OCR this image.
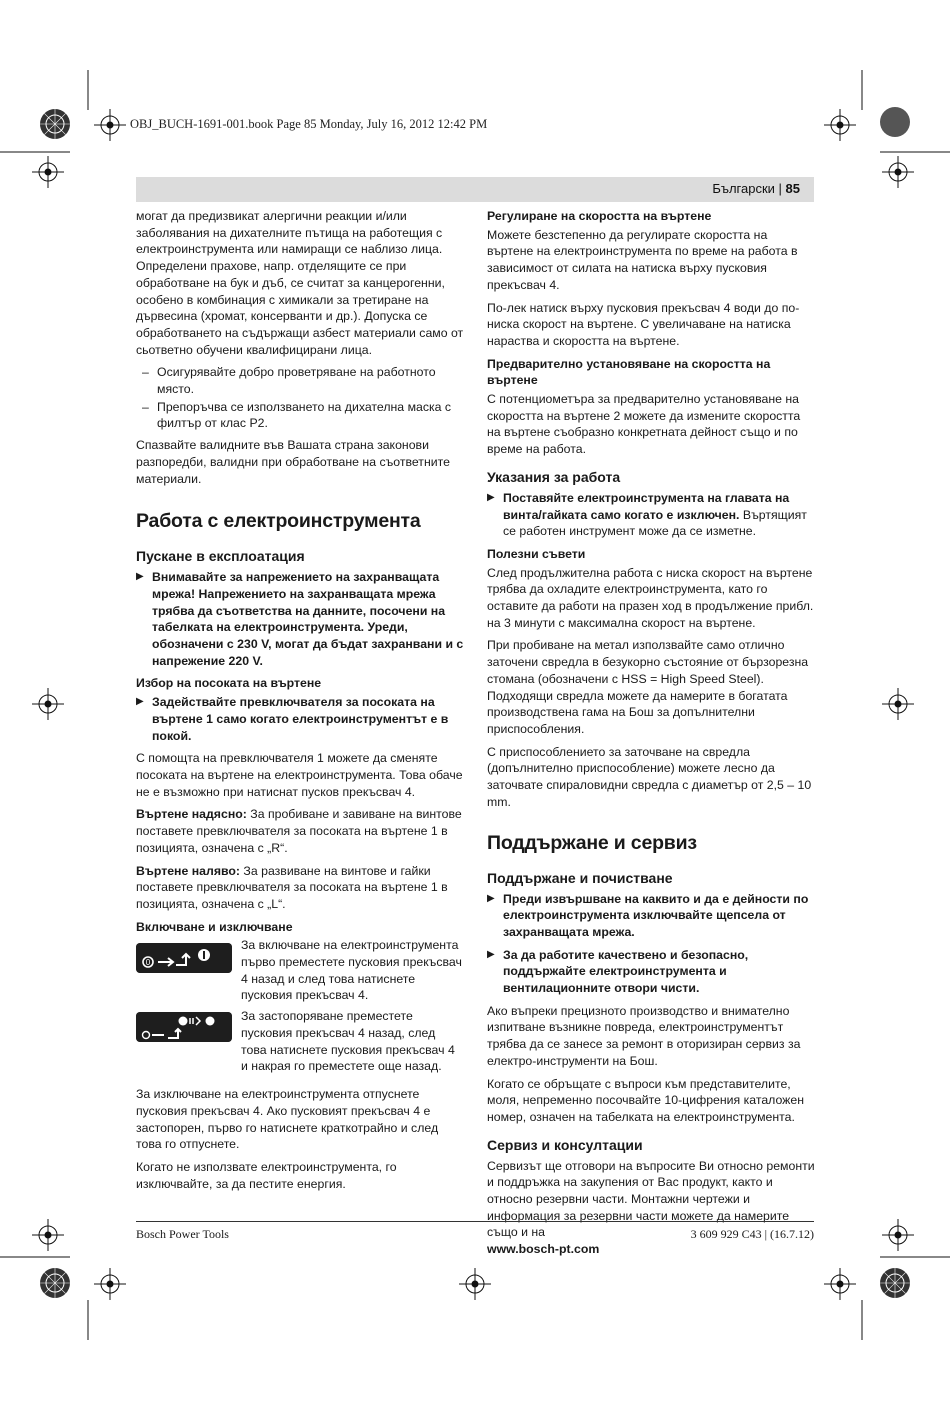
OBJ_BUCH-1691-001.book Page 85 Monday, July 16, 2012 12:42 PM
Български | 85

могат да предизвикат алергични реакции и/или заболявания на дихателните пътища на работещия с електроинструмента или намиращи се наблизо лица. Определени прахове, напр. отделящите се при обработване на бук и дъб, се считат за канцерогенни, особено в комбинация с химикали за третиране на дървесина (хромат, консерванти и др.). Допуска се обработването на съдържащи азбест материали само от сьответно обучени квалифицирани лица.

– Осигурявайте добро проветряване на работното място.
– Препоръчва се използването на дихателна маска с филтър от клас P2.

Спазвайте валидните във Вашата страна законови разпоредби, валидни при обработване на съответните материали.

Работа с електроинструмента
Пускане в експлоатация
▶ Внимавайте за напрежението на захранващата мрежа! Напрежението на захранващата мрежа трябва да съответства на данните, посочени на табелката на електроинструмента. Уреди, обозначени с 230 V, могат да бъдат захранвани и с напрежение 220 V.
Избор на посоката на въртене
▶ Задействайте превключвателя за посоката на въртене 1 само когато електроинструментът е в покой.

С помощта на превключвателя 1 можете да сменяте посоката на въртене на електроинструмента. Това обаче не е възможно при натиснат пусков прекъсвач 4.

Въртене надясно: За пробиване и завиване на винтове поставете превключвателя за посоката на въртене 1 в позицията, означена с „R“.

Въртене наляво: За развиване на винтове и гайки поставете превключвателя за посоката на въртене 1 в позицията, означена с „L“.

Включване и изключване
0
За включване на електроинструмента първо преместете пусковия прекъсвач 4 назад и след това натиснете пусковия прекъсвач 4.
За застопоряване преместете пусковия прекъсвач 4 назад, след това натиснете пусковия прекъсвач 4 и накрая го преместете още назад.

За изключване на електроинструмента отпуснете пусковия прекъсвач 4. Ако пусковият прекъсвач 4 е застопорен, първо го натиснете краткотрайно и след това го отпуснете.

Когато не използвате електроинструмента, го изключвайте, за да пестите енергия.

Регулиране на скоростта на въртене

Можете безстепенно да регулирате скоростта на въртене на електроинструмента по време на работа в зависимост от силата на натиска върху пусковия прекъсвач 4.

По-лек натиск върху пусковия прекъсвач 4 води до по-ниска скорост на въртене. С увеличаване на натиска нараства и скоростта на въртене.

Предварително установяване на скоростта на въртене

С потенциометъра за предварително установяване на скоростта на въртене 2 можете да измените скоростта на въртене съобразно конкретната дейност също и по време на работа.

Указания за работа
▶ Поставяйте електроинструмента на главата на винта/гайката само когато е изключен. Въртящият се работен инструмент може да се изметне.
Полезни съвети

След продължителна работа с ниска скорост на въртене трябва да охладите електроинструмента, като го оставите да работи на празен ход в продължение прибл. на 3 минути с максимална скорост на въртене.

При пробиване на метал използвайте само отлично заточени свредла в безукорно състояние от бързорезна стомана (обозначени с HSS = High Speed Steel). Подходящи свредла можете да намерите в богатата производствена гама на Бош за допълнителни приспособления.

С приспособлението за заточване на свредла (допълнително приспособление) можете лесно да заточвате спираловидни свредла с диаметър от 2,5 – 10 mm.

Поддържане и сервиз
Поддържане и почистване
▶ Преди извършване на каквито и да е дейности по електроинструмента изключвайте щепсела от захранващата мрежа.
▶ За да работите качествено и безопасно, поддържайте електроинструмента и вентилационните отвори чисти.

Ако въпреки прецизното производство и внимателно изпитване възникне повреда, електроинструментът трябва да се занесе за ремонт в оторизиран сервиз за електро-инструменти на Бош.

Когато се обръщате с въпроси към представителите, моля, непременно посочвайте 10-цифрения каталожен номер, означен на табелката на електроинструмента.

Сервиз и консултации

Сервизът ще отговори на въпросите Ви относно ремонти и поддръжка на закупения от Вас продукт, както и относно резервни части. Монтажни чертежи и информация за резервни части можете да намерите също и на
www.bosch-pt.com

Bosch Power Tools	3 609 929 C43 | (16.7.12)
